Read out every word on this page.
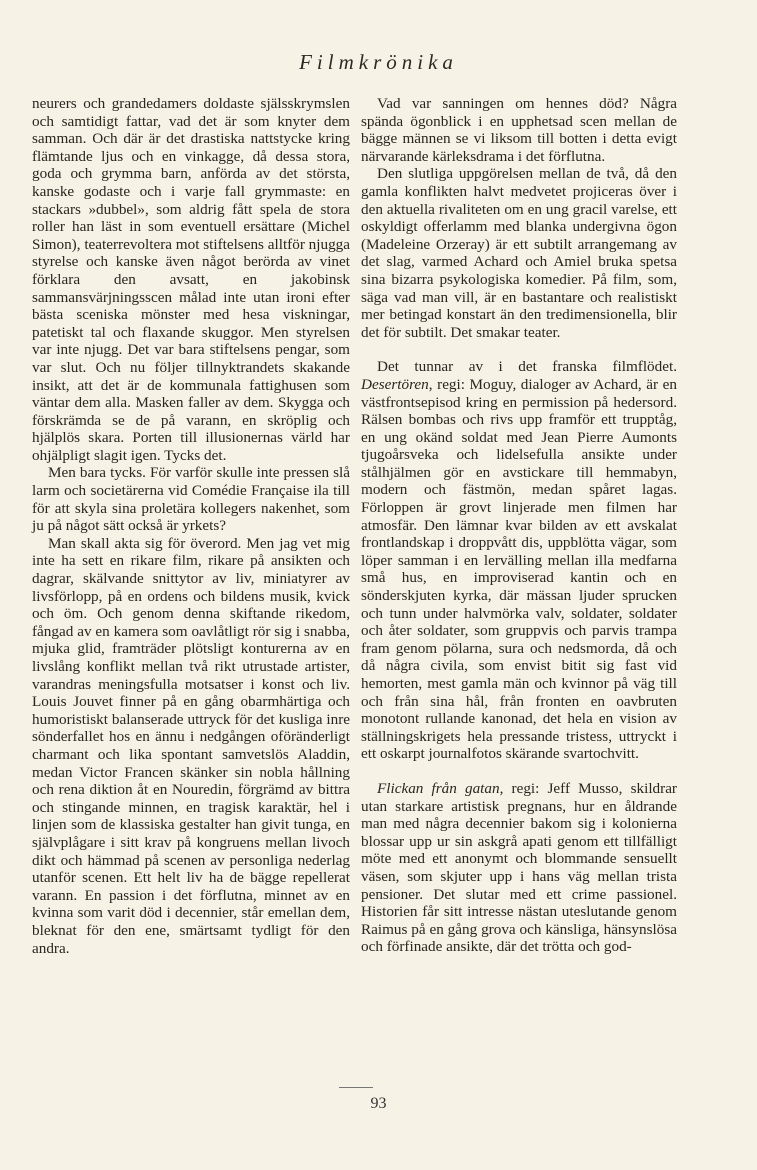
Filmkrönika

neurers och grandedamers doldaste själsskrymslen och samtidigt fattar, vad det är som knyter dem samman. Och där är det drastiska nattstycke kring flämtande ljus och en vinkagge, då dessa stora, goda och grymma barn, anförda av det största, kanske godaste och i varje fall grymmaste: en stackars »dubbel», som aldrig fått spela de stora roller han läst in som eventuell ersättare (Michel Simon), teaterrevoltera mot stiftelsens alltför njugga styrelse och kanske även något berörda av vinet förklara den avsatt, en jakobinsk sammansvärjningsscen målad inte utan ironi efter bästa sceniska mönster med hesa viskningar, patetiskt tal och flaxande skuggor. Men styrelsen var inte njugg. Det var bara stiftelsens pengar, som var slut. Och nu följer tillnyktrandets skakande insikt, att det är de kommunala fattighusen som väntar dem alla. Masken faller av dem. Skygga och förskrämda se de på varann, en skröplig och hjälplös skara. Porten till illusionernas värld har ohjälpligt slagit igen. Tycks det.

Men bara tycks. För varför skulle inte pressen slå larm och societärerna vid Comédie Française ila till för att skyla sina proletära kollegers nakenhet, som ju på något sätt också är yrkets?

Man skall akta sig för överord. Men jag vet mig inte ha sett en rikare film, rikare på ansikten och dagrar, skälvande snittytor av liv, miniatyrer av livsförlopp, på en ordens och bildens musik, kvick och öm. Och genom denna skiftande rikedom, fångad av en kamera som oavlåtligt rör sig i snabba, mjuka glid, framträder plötsligt konturerna av en livslång konflikt mellan två rikt utrustade artister, varandras meningsfulla motsatser i konst och liv. Louis Jouvet finner på en gång obarmhärtiga och humoristiskt balanserade uttryck för det kusliga inre sönderfallet hos en ännu i nedgången oföränderligt charmant och lika spontant samvetslös Aladdin, medan Victor Francen skänker sin nobla hållning och rena diktion åt en Nouredin, förgrämd av bittra och stingande minnen, en tragisk karaktär, hel i linjen som de klassiska gestalter han givit tunga, en självplågare i sitt krav på kongruens mellan livoch dikt och hämmad på scenen av personliga nederlag utanför scenen. Ett helt liv ha de bägge repellerat varann. En passion i det förflutna, minnet av en kvinna som varit död i decennier, står emellan dem, bleknat för den ene, smärtsamt tydligt för den andra.

Vad var sanningen om hennes död? Några spända ögonblick i en upphetsad scen mellan de bägge männen se vi liksom till botten i detta evigt närvarande kärleksdrama i det förflutna.

Den slutliga uppgörelsen mellan de två, då den gamla konflikten halvt medvetet projiceras över i den aktuella rivaliteten om en ung gracil varelse, ett oskyldigt offerlamm med blanka undergivna ögon (Madeleine Orzeray) är ett subtilt arrangemang av det slag, varmed Achard och Amiel bruka spetsa sina bizarra psykologiska komedier. På film, som, säga vad man vill, är en bastantare och realistiskt mer betingad konstart än den tredimensionella, blir det för subtilt. Det smakar teater.

Det tunnar av i det franska filmflödet. Desertören, regi: Moguy, dialoger av Achard, är en västfrontsepisod kring en permission på hedersord. Rälsen bombas och rivs upp framför ett trupptåg, en ung okänd soldat med Jean Pierre Aumonts tjugoårsveka och lidelsefulla ansikte under stålhjälmen gör en avstickare till hemmabyn, modern och fästmön, medan spåret lagas. Förloppen är grovt linjerade men filmen har atmosfär. Den lämnar kvar bilden av ett avskalat frontlandskap i droppvått dis, uppblötta vägar, som löper samman i en lervälling mellan illa medfarna små hus, en improviserad kantin och en sönderskjuten kyrka, där mässan ljuder sprucken och tunn under halvmörka valv, soldater, soldater och åter soldater, som gruppvis och parvis trampa fram genom pölarna, sura och nedsmorda, då och då några civila, som envist bitit sig fast vid hemorten, mest gamla män och kvinnor på väg till och från sina hål, från fronten en oavbruten monotont rullande kanonad, det hela en vision av ställningskrigets hela pressande tristess, uttryckt i ett oskarpt journalfotos skärande svartochvitt.

Flickan från gatan, regi: Jeff Musso, skildrar utan starkare artistisk pregnans, hur en åldrande man med några decennier bakom sig i kolonierna blossar upp ur sin askgrå apati genom ett tillfälligt möte med ett anonymt och blommande sensuellt väsen, som skjuter upp i hans väg mellan trista pensioner. Det slutar med ett crime passionel. Historien får sitt intresse nästan uteslutande genom Raimus på en gång grova och känsliga, hänsynslösa och förfinade ansikte, där det trötta och god-

93
